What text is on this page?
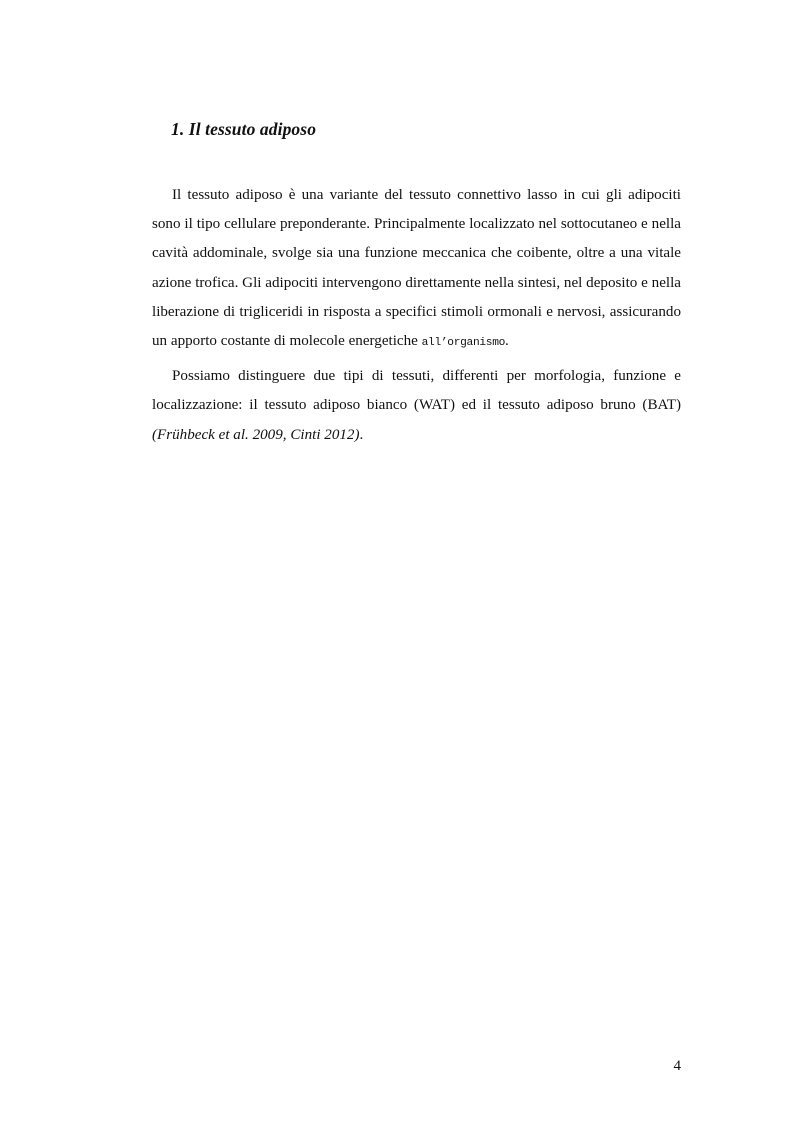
1. Il tessuto adiposo

Il tessuto adiposo è una variante del tessuto connettivo lasso in cui gli adipociti sono il tipo cellulare preponderante. Principalmente localizzato nel sottocutaneo e nella cavità addominale, svolge sia una funzione meccanica che coibente, oltre a una vitale azione trofica. Gli adipociti intervengono direttamente nella sintesi, nel deposito e nella liberazione di trigliceridi in risposta a specifici stimoli ormonali e nervosi, assicurando un apporto costante di molecole energetiche all’organismo.

Possiamo distinguere due tipi di tessuti, differenti per morfologia, funzione e localizzazione: il tessuto adiposo bianco (WAT) ed il tessuto adiposo bruno (BAT) (Frühbeck et al. 2009, Cinti 2012).

4
